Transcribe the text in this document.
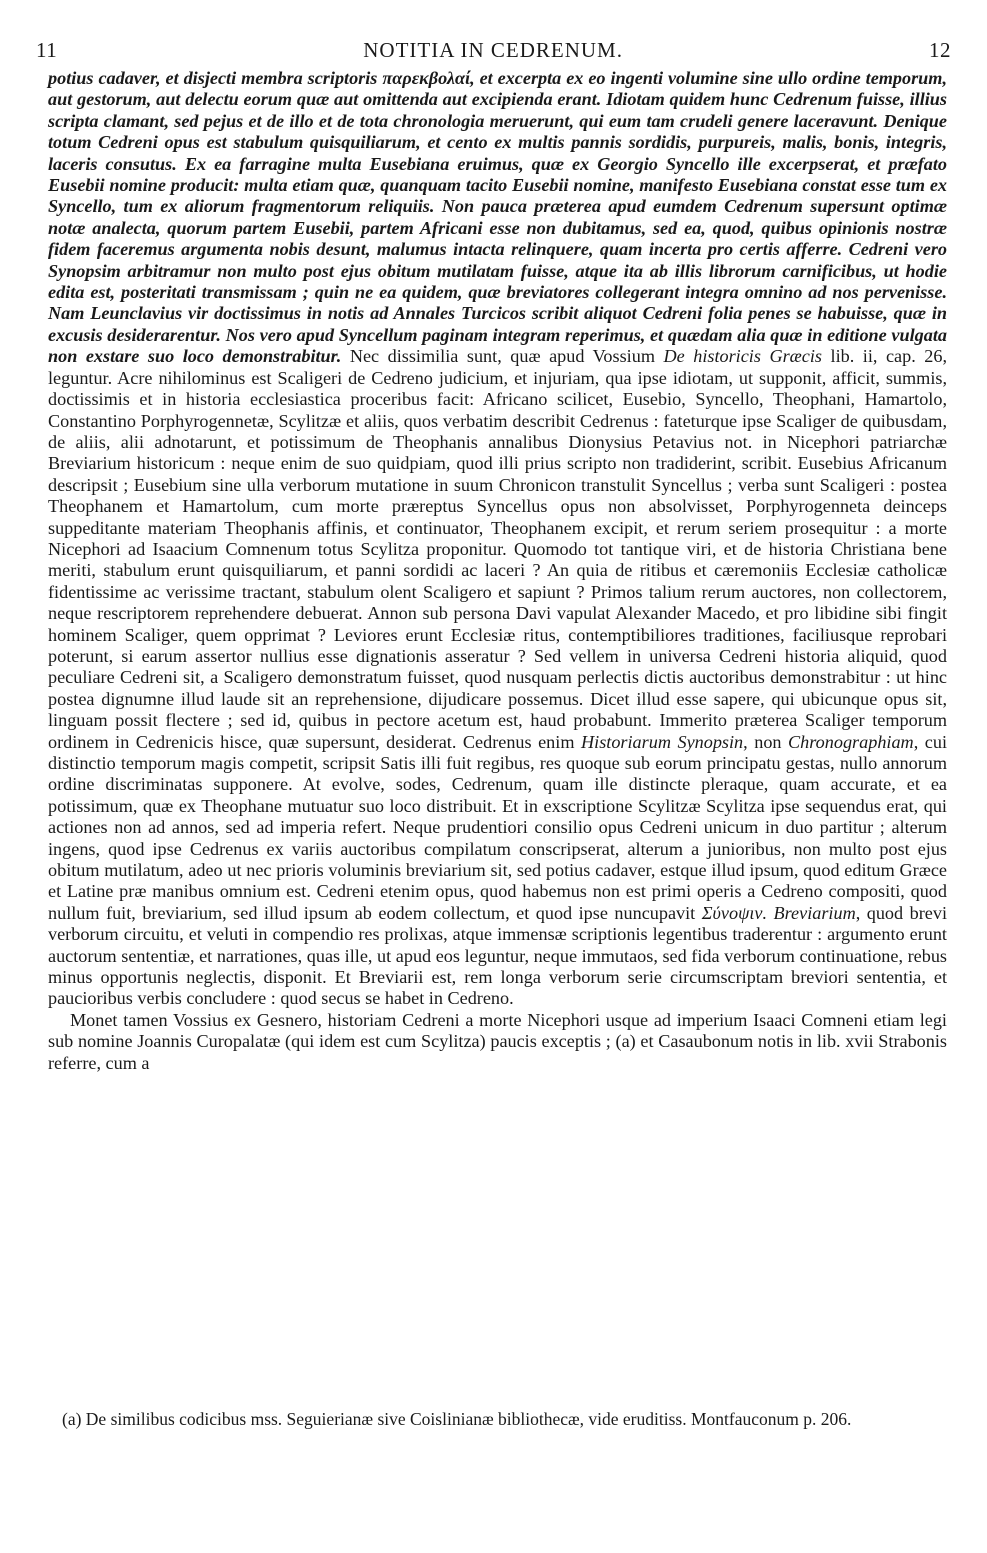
11	NOTITIA IN CEDRENUM.	12

potius cadaver, et disjecti membra scriptoris παρεκβολαί, et excerpta ex eo ingenti volumine sine ullo ordine temporum, aut gestorum, aut delectu eorum quæ aut omittenda aut excipienda erant. Idiotam quidem hunc Cedrenum fuisse, illius scripta clamant, sed pejus et de illo et de tota chronologia meruerunt, qui eum tam crudeli genere laceravunt. Denique totum Cedreni opus est stabulum quisquiliarum, et cento ex multis pannis sordidis, purpureis, malis, bonis, integris, laceris consutus. Ex ea farragine multa Eusebiana eruimus, quæ ex Georgio Syncello ille excerpserat, et præfato Eusebii nomine producit: multa etiam quæ, quanquam tacito Eusebii nomine, manifesto Eusebiana constat esse tum ex Syncello, tum ex aliorum fragmentorum reliquiis. Non pauca præterea apud eumdem Cedrenum supersunt optimæ notæ analecta, quorum partem Eusebii, partem Africani esse non dubitamus, sed ea, quod, quibus opinionis nostræ fidem faceremus argumenta nobis desunt, malumus intacta relinquere, quam incerta pro certis afferre. Cedreni vero Synopsim arbitramur non multo post ejus obitum mutilatam fuisse, atque ita ab illis librorum carnificibus, ut hodie edita est, posteritati transmissam ; quin ne ea quidem, quæ breviatores collegerant integra omnino ad nos pervenisse. Nam Leunclavius vir doctissimus in notis ad Annales Turcicos scribit aliquot Cedreni folia penes se habuisse, quæ in excusis desiderarentur. Nos vero apud Syncellum paginam integram reperimus, et quædam alia quæ in editione vulgata non exstare suo loco demonstrabitur. Nec dissimilia sunt, quæ apud Vossium De historicis Græcis lib. ii, cap. 26, leguntur. Acre nihilominus est Scaligeri de Cedreno judicium, et injuriam, qua ipse idiotam, ut supponit, afficit, summis, doctissimis et in historia ecclesiastica proceribus facit: Africano scilicet, Eusebio, Syncello, Theophani, Hamartolo, Constantino Porphyrogennetæ, Scylitzæ et aliis, quos verbatim describit Cedrenus : fateturque ipse Scaliger de quibusdam, de aliis, alii adnotarunt, et potissimum de Theophanis annalibus Dionysius Petavius not. in Nicephori patriarchæ Breviarium historicum : neque enim de suo quidpiam, quod illi prius scripto non tradiderint, scribit. Eusebius Africanum descripsit ; Eusebium sine ulla verborum mutatione in suum Chronicon transtulit Syncellus ; verba sunt Scaligeri : postea Theophanem et Hamartolum, cum morte præreptus Syncellus opus non absolvisset, Porphyrogenneta deinceps suppeditante materiam Theophanis affinis, et continuator, Theophanem excipit, et rerum seriem prosequitur : a morte Nicephori ad Isaacium Comnenum totus Scylitza proponitur. Quomodo tot tantique viri, et de historia Christiana bene meriti, stabulum erunt quisquiliarum, et panni sordidi ac laceri ? An quia de ritibus et cæremoniis Ecclesiæ catholicæ fidentissime ac verissime tractant, stabulum olent Scaligero et sapiunt ? Primos talium rerum auctores, non collectorem, neque rescriptorem reprehendere debuerat. Annon sub persona Davi vapulat Alexander Macedo, et pro libidine sibi fingit hominem Scaliger, quem opprimat ? Leviores erunt Ecclesiæ ritus, contemptibiliores traditiones, faciliusque reprobari poterunt, si earum assertor nullius esse dignationis asseratur ? Sed vellem in universa Cedreni historia aliquid, quod peculiare Cedreni sit, a Scaligero demonstratum fuisset, quod nusquam perlectis dictis auctoribus demonstrabitur : ut hinc postea dignumne illud laude sit an reprehensione, dijudicare possemus. Dicet illud esse sapere, qui ubicunque opus sit, linguam possit flectere ; sed id, quibus in pectore acetum est, haud probabunt. Immerito præterea Scaliger temporum ordinem in Cedrenicis hisce, quæ supersunt, desiderat. Cedrenus enim Historiarum Synopsin, non Chronographiam, cui distinctio temporum magis competit, scripsit Satis illi fuit regibus, res quoque sub eorum principatu gestas, nullo annorum ordine discriminatas supponere. At evolve, sodes, Cedrenum, quam ille distincte pleraque, quam accurate, et ea potissimum, quæ ex Theophane mutuatur suo loco distribuit. Et in exscriptione Scylitzæ Scylitza ipse sequendus erat, qui actiones non ad annos, sed ad imperia refert. Neque prudentiori consilio opus Cedreni unicum in duo partitur ; alterum ingens, quod ipse Cedrenus ex variis auctoribus compilatum conscripserat, alterum a junioribus, non multo post ejus obitum mutilatum, adeo ut nec prioris voluminis breviarium sit, sed potius cadaver, estque illud ipsum, quod editum Græce et Latine præ manibus omnium est. Cedreni etenim opus, quod habemus non est primi operis a Cedreno compositi, quod nullum fuit, breviarium, sed illud ipsum ab eodem collectum, et quod ipse nuncupavit Σύνοψιν. Breviarium, quod brevi verborum circuitu, et veluti in compendio res prolixas, atque immensæ scriptionis legentibus traderentur : argumento erunt auctorum sententiæ, et narrationes, quas ille, ut apud eos leguntur, neque immutaos, sed fida verborum continuatione, rebus minus opportunis neglectis, disponit. Et Breviarii est, rem longa verborum serie circumscriptam breviori sententia, et paucioribus verbis concludere : quod secus se habet in Cedreno.

Monet tamen Vossius ex Gesnero, historiam Cedreni a morte Nicephori usque ad imperium Isaaci Comneni etiam legi sub nomine Joannis Curopalatæ (qui idem est cum Scylitza) paucis exceptis ; (a) et Casaubonum notis in lib. xvii Strabonis referre, cum a

(a) De similibus codicibus mss. Seguierianæ sive Coislinianæ bibliothecæ, vide eruditiss. Montfauconum p. 206.
